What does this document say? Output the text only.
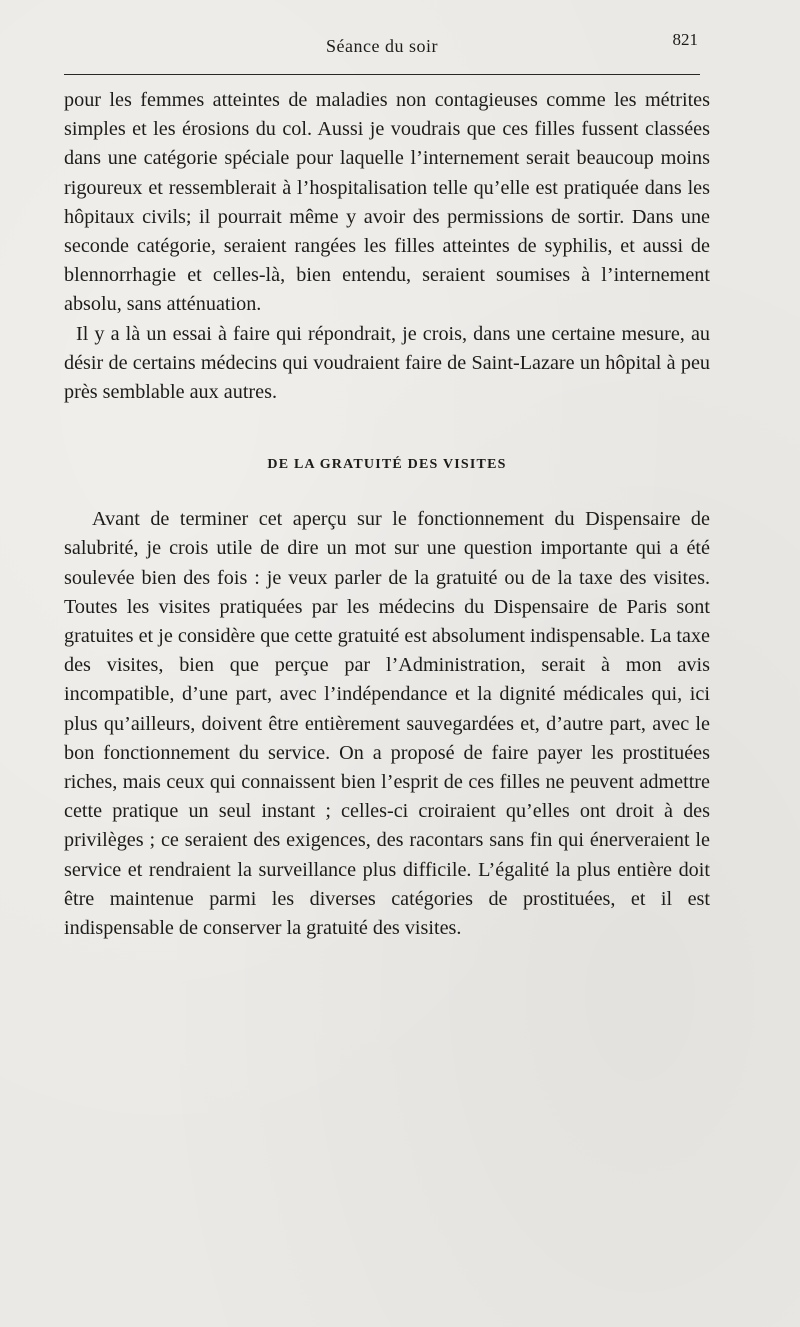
Séance du soir	821

pour les femmes atteintes de maladies non contagieuses comme les métrites simples et les érosions du col. Aussi je voudrais que ces filles fussent classées dans une catégorie spéciale pour laquelle l’internement serait beaucoup moins rigoureux et ressemblerait à l’hospitalisation telle qu’elle est pratiquée dans les hôpitaux civils; il pourrait même y avoir des permissions de sortir. Dans une seconde catégorie, seraient rangées les filles atteintes de syphilis, et aussi de blennorrhagie et celles-là, bien entendu, seraient soumises à l’internement absolu, sans atténuation.

Il y a là un essai à faire qui répondrait, je crois, dans une certaine mesure, au désir de certains médecins qui voudraient faire de Saint-Lazare un hôpital à peu près semblable aux autres.

DE LA GRATUITÉ DES VISITES

Avant de terminer cet aperçu sur le fonctionnement du Dispensaire de salubrité, je crois utile de dire un mot sur une question importante qui a été soulevée bien des fois : je veux parler de la gratuité ou de la taxe des visites. Toutes les visites pratiquées par les médecins du Dispensaire de Paris sont gratuites et je considère que cette gratuité est absolument indispensable. La taxe des visites, bien que perçue par l’Administration, serait à mon avis incompatible, d’une part, avec l’indépendance et la dignité médicales qui, ici plus qu’ailleurs, doivent être entièrement sauvegardées et, d’autre part, avec le bon fonctionnement du service. On a proposé de faire payer les prostituées riches, mais ceux qui connaissent bien l’esprit de ces filles ne peuvent admettre cette pratique un seul instant ; celles-ci croiraient qu’elles ont droit à des privilèges ; ce seraient des exigences, des racontars sans fin qui énerveraient le service et rendraient la surveillance plus difficile. L’égalité la plus entière doit être maintenue parmi les diverses catégories de prostituées, et il est indispensable de conserver la gratuité des visites.
